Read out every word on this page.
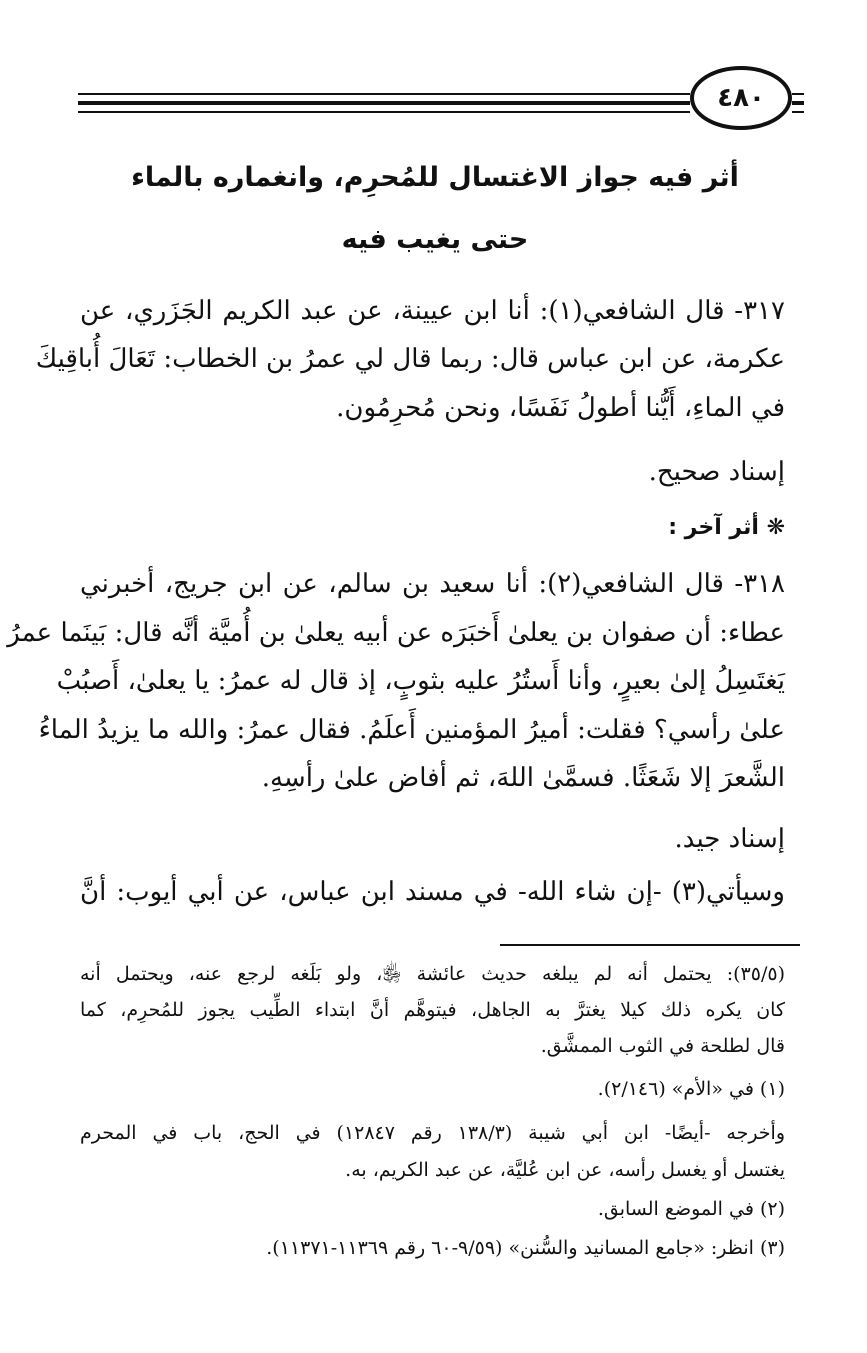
٤٨٠
أثر فيه جواز الاغتسال للمُحرِم، وانغماره بالماء
حتى يغيب فيه
٣١٧- قال الشافعي(١): أنا ابن عيينة، عن عبد الكريم الجَزَري، عن
عكرمة، عن ابن عباس قال: ربما قال لي عمرُ بن الخطاب: تَعَالَ أُباقِيكَ
في الماءِ، أَيُّنا أطولُ نَفَسًا، ونحن مُحرِمُون.
إسناد صحيح.
❋ أثر آخر :
٣١٨- قال الشافعي(٢): أنا سعيد بن سالم، عن ابن جريج، أخبرني
عطاء: أن صفوان بن يعلىٰ أَخبَرَه عن أبيه يعلىٰ بن أُميَّة أنَّه قال: بَينَما عمرُ
يَغتَسِلُ إلىٰ بعيرٍ، وأنا أَستُرُ عليه بثوبٍ، إذ قال له عمرُ: يا يعلىٰ، أَصبُبْ
علىٰ رأسي؟ فقلت: أميرُ المؤمنين أَعلَمُ. فقال عمرُ: والله ما يزيدُ الماءُ
الشَّعرَ إلا شَعَثًا. فسمَّىٰ اللهَ، ثم أفاض علىٰ رأسِهِ.
إسناد جيد.
وسيأتي(٣) -إن شاء الله- في مسند ابن عباس، عن أبي أيوب: أنَّ
(٣٥/٥): يحتمل أنه لم يبلغه حديث عائشة ﵂، ولو بَلَغه لرجع عنه، ويحتمل أنه
كان يكره ذلك كيلا يغترَّ به الجاهل، فيتوهَّم أنَّ ابتداء الطِّيب يجوز للمُحرِم، كما
قال لطلحة في الثوب الممشَّق.
(١) في «الأم» (٢/١٤٦).
وأخرجه -أيضًا- ابن أبي شيبة (١٣٨/٣ رقم ١٢٨٤٧) في الحج، باب في المحرم
يغتسل أو يغسل رأسه، عن ابن عُليَّة، عن عبد الكريم، به.
(٢) في الموضع السابق.
(٣) انظر: «جامع المسانيد والسُّنن» (٩/٥٩-٦٠ رقم ١١٣٦٩-١١٣٧١).
